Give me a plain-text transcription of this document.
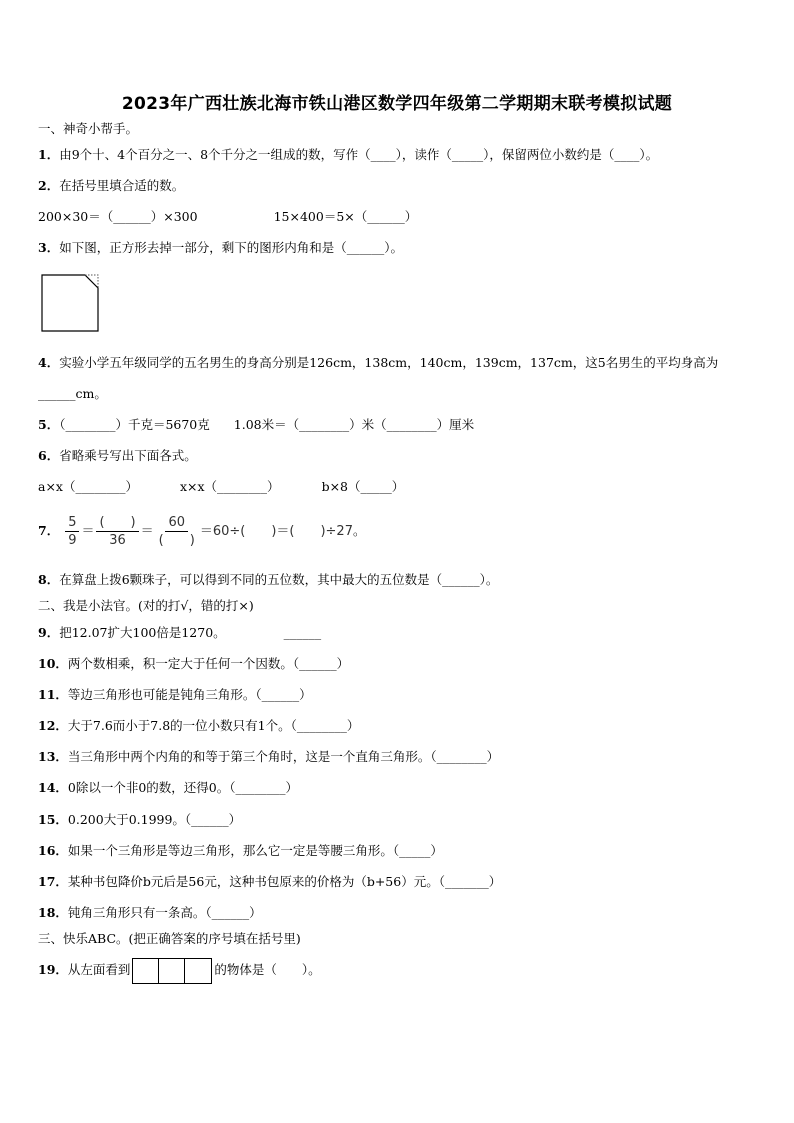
2023年广西壮族北海市铁山港区数学四年级第二学期期末联考模拟试题
一、神奇小帮手。
1．由9个十、4个百分之一、8个千分之一组成的数，写作（____），读作（_____），保留两位小数约是（____）。
2．在括号里填合适的数。
200×30＝（______）×300	15×400＝5×（______）
3．如下图，正方形去掉一部分，剩下的图形内角和是（______）。
4．实验小学五年级同学的五名男生的身高分别是126cm，138cm，140cm，139cm，137cm，这5名男生的平均身高为
______cm。
5．（________）千克＝5670克 1.08米＝（________）米（________）厘米
6．省略乘号写出下面各式。
a×x（________）	x×x（________）	b×8（_____）
7． $\frac{5}{9} = \frac{( )}{36} = \frac{60}{( )} =60\div$(　　)＝(　　)÷27。
8．在算盘上拨6颗珠子，可以得到不同的五位数，其中最大的五位数是（______）。
二、我是小法官。(对的打√，错的打×)
9．把12.07扩大100倍是1270。	______
10．两个数相乘，积一定大于任何一个因数。（______）
11．等边三角形也可能是钝角三角形。（______）
12．大于7.6而小于7.8的一位小数只有1个。（________）
13．当三角形中两个内角的和等于第三个角时，这是一个直角三角形。（________）
14．0除以一个非0的数，还得0。（________）
15．0.200大于0.1999。（______）
16．如果一个三角形是等边三角形，那么它一定是等腰三角形。（_____）
17．某种书包降价b元后是56元，这种书包原来的价格为（b+56）元。（_______）
18．钝角三角形只有一条高。（______）
三、快乐ABC。(把正确答案的序号填在括号里)
19．从左面看到	的物体是（　　）。
